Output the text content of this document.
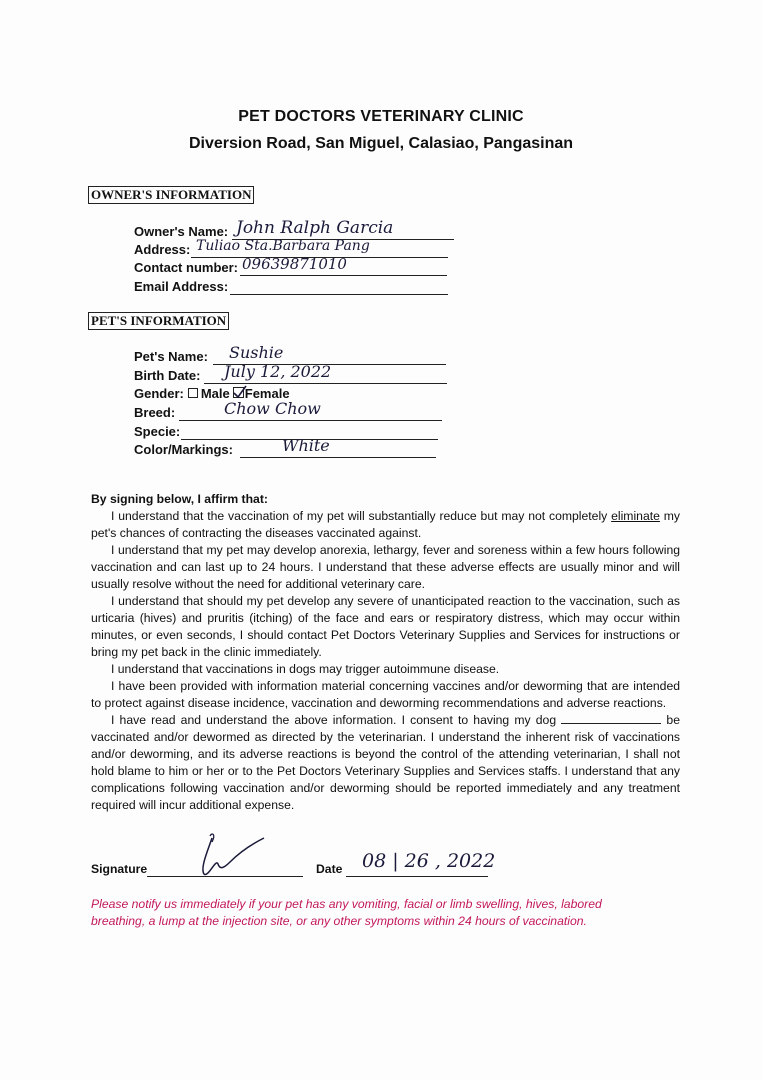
PET DOCTORS VETERINARY CLINIC
Diversion Road, San Miguel, Calasiao, Pangasinan
OWNER'S INFORMATION
Owner's Name: John Ralph Garcia
Address: Tuliao Sta.Barbara Pang
Contact number: 09639871010
Email Address:
PET'S INFORMATION
Pet's Name: Sushie
Birth Date: July 12, 2022
Gender: Male Female
Breed:	Chow Chow
Specie:
Color/Markings:	White
By signing below, I affirm that:

I understand that the vaccination of my pet will substantially reduce but may not completely eliminate my pet's chances of contracting the diseases vaccinated against.

I understand that my pet may develop anorexia, lethargy, fever and soreness within a few hours following vaccination and can last up to 24 hours. I understand that these adverse effects are usually minor and will usually resolve without the need for additional veterinary care.

I understand that should my pet develop any severe of unanticipated reaction to the vaccination, such as urticaria (hives) and pruritis (itching) of the face and ears or respiratory distress, which may occur within minutes, or even seconds, I should contact Pet Doctors Veterinary Supplies and Services for instructions or bring my pet back in the clinic immediately.

I understand that vaccinations in dogs may trigger autoimmune disease.

I have been provided with information material concerning vaccines and/or deworming that are intended to protect against disease incidence, vaccination and deworming recommendations and adverse reactions.

I have read and understand the above information. I consent to having my dog	be vaccinated and/or dewormed as directed by the veterinarian. I understand the inherent risk of vaccinations and/or deworming, and its adverse reactions is beyond the control of the attending veterinarian, I shall not hold blame to him or her or to the Pet Doctors Veterinary Supplies and Services staffs. I understand that any complications following vaccination and/or deworming should be reported immediately and any treatment required will incur additional expense.

Signature	Date 08 | 26 , 2022
Please notify us immediately if your pet has any vomiting, facial or limb swelling, hives, labored breathing, a lump at the injection site, or any other symptoms within 24 hours of vaccination.
